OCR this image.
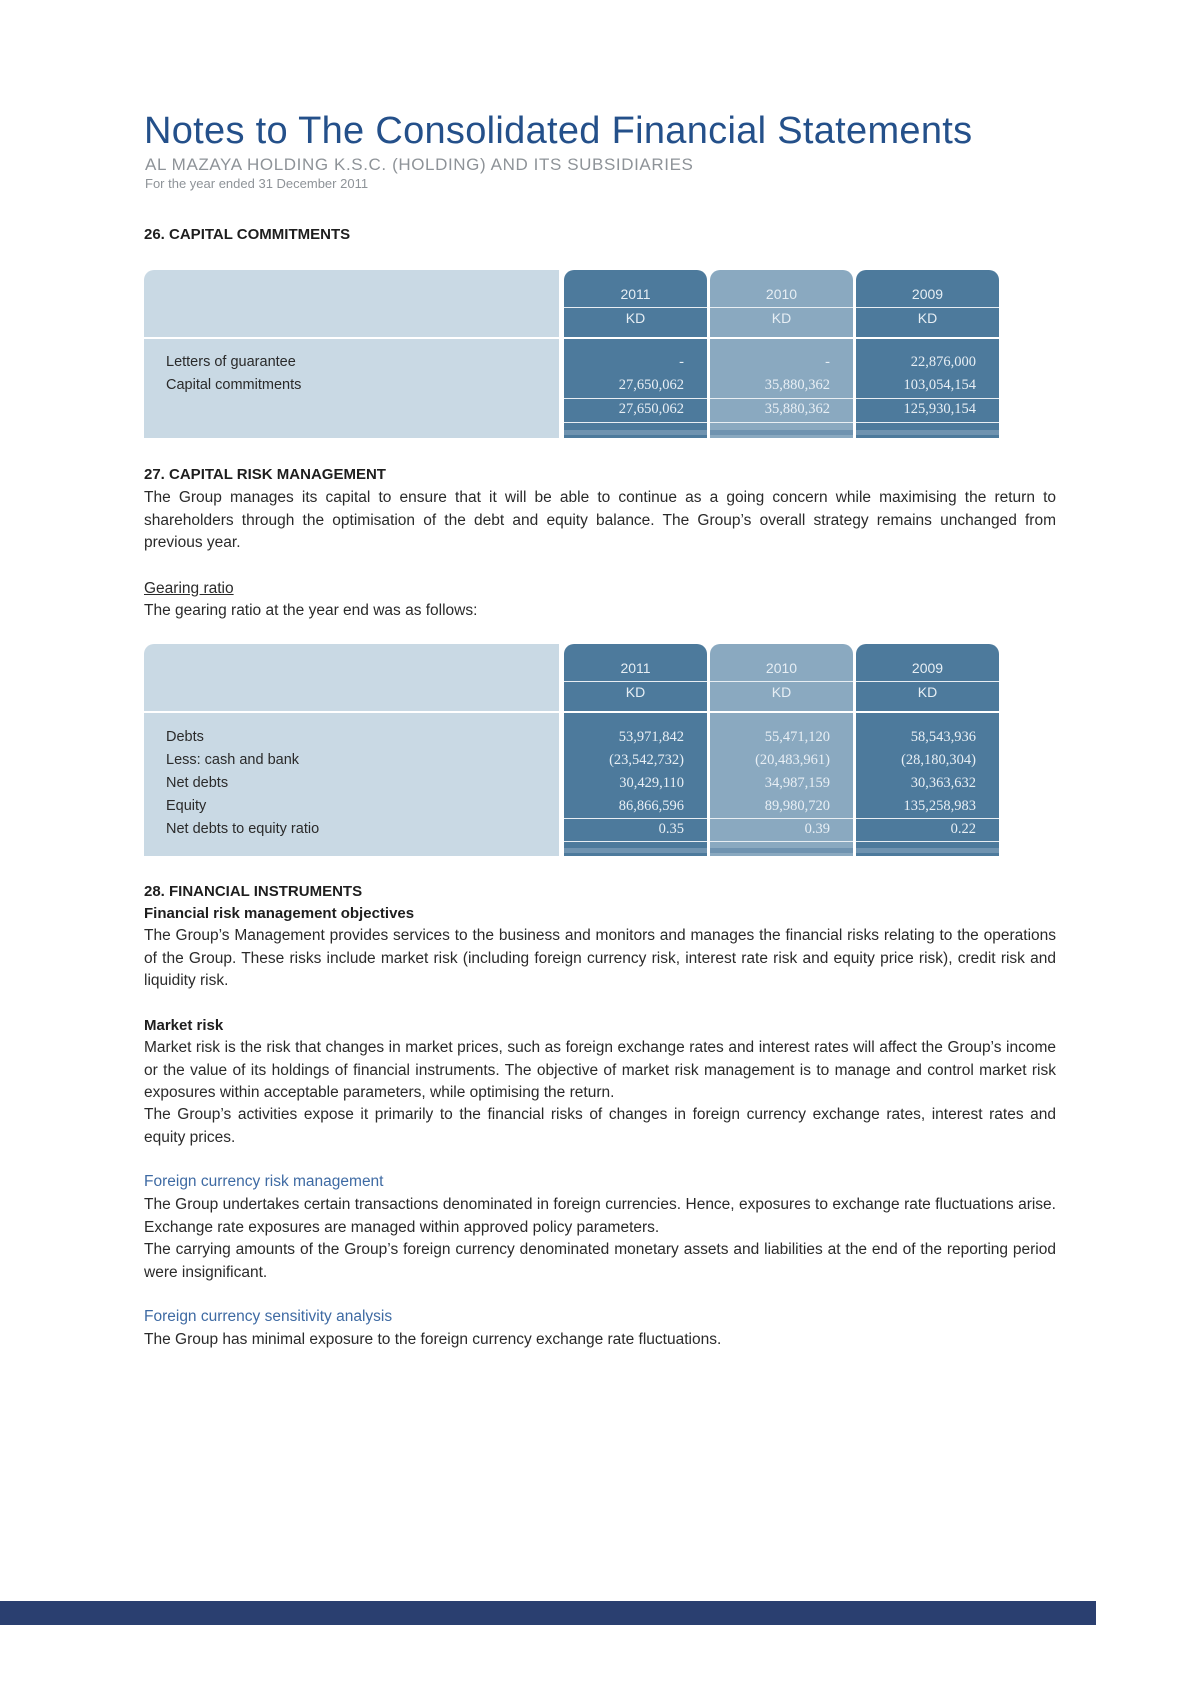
Notes to The Consolidated Financial Statements
AL MAZAYA HOLDING K.S.C. (HOLDING) AND ITS SUBSIDIARIES
For the year ended 31 December 2011
26. CAPITAL COMMITMENTS
2011	2010	2009
KD	KD	KD
Letters of guarantee	-	-	22,876,000
Capital commitments	27,650,062	35,880,362	103,054,154
27,650,062	35,880,362	125,930,154
27. CAPITAL RISK MANAGEMENT

The Group manages its capital to ensure that it will be able to continue as a going concern while maximising the return to shareholders through the optimisation of the debt and equity balance. The Group’s overall strategy remains unchanged from previous year.

Gearing ratio
The gearing ratio at the year end was as follows:
2011	2010	2009
KD	KD	KD
Debts	53,971,842	55,471,120	58,543,936
Less: cash and bank	(23,542,732)	(20,483,961)	(28,180,304)
Net debts	30,429,110	34,987,159	30,363,632
Equity	86,866,596	89,980,720	135,258,983
Net debts to equity ratio	0.35	0.39	0.22
28. FINANCIAL INSTRUMENTS
Financial risk management objectives

The Group’s Management provides services to the business and monitors and manages the financial risks relating to the operations of the Group. These risks include market risk (including foreign currency risk, interest rate risk and equity price risk), credit risk and liquidity risk.

Market risk

Market risk is the risk that changes in market prices, such as foreign exchange rates and interest rates will affect the Group’s income or the value of its holdings of financial instruments. The objective of market risk management is to manage and control market risk exposures within acceptable parameters, while optimising the return.

The Group’s activities expose it primarily to the financial risks of changes in foreign currency exchange rates, interest rates and equity prices.

Foreign currency risk management

The Group undertakes certain transactions denominated in foreign currencies. Hence, exposures to exchange rate fluctuations arise. Exchange rate exposures are managed within approved policy parameters.

The carrying amounts of the Group’s foreign currency denominated monetary assets and liabilities at the end of the reporting period were insignificant.

Foreign currency sensitivity analysis

The Group has minimal exposure to the foreign currency exchange rate fluctuations.
